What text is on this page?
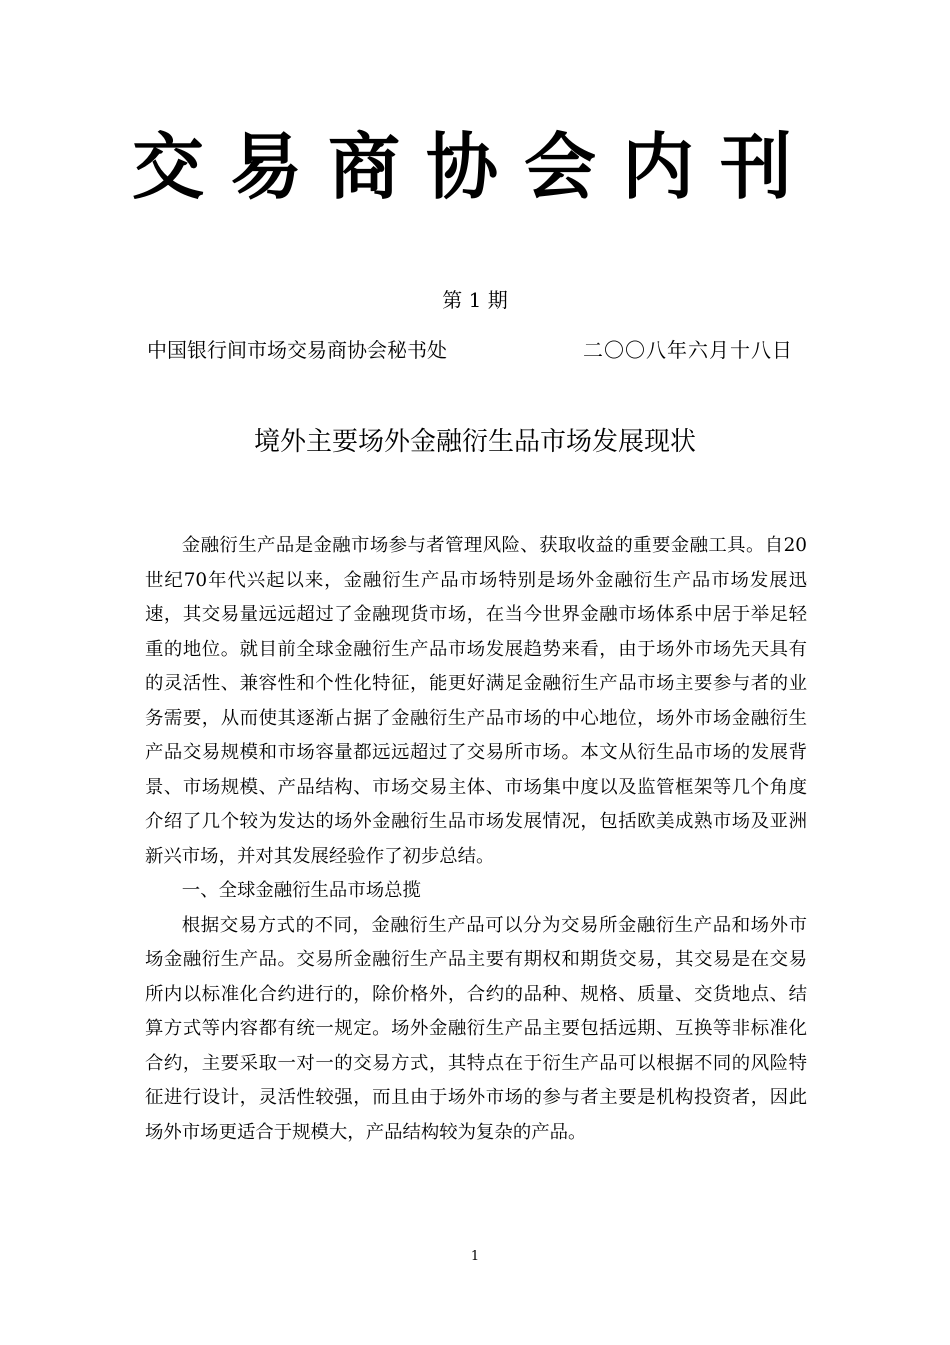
交易商协会内刊
第 1 期
中国银行间市场交易商协会秘书处	二〇〇八年六月十八日
境外主要场外金融衍生品市场发展现状

金融衍生产品是金融市场参与者管理风险、获取收益的重要金融工具。自20世纪70年代兴起以来，金融衍生产品市场特别是场外金融衍生产品市场发展迅速，其交易量远远超过了金融现货市场，在当今世界金融市场体系中居于举足轻重的地位。就目前全球金融衍生产品市场发展趋势来看，由于场外市场先天具有的灵活性、兼容性和个性化特征，能更好满足金融衍生产品市场主要参与者的业务需要，从而使其逐渐占据了金融衍生产品市场的中心地位，场外市场金融衍生产品交易规模和市场容量都远远超过了交易所市场。本文从衍生品市场的发展背景、市场规模、产品结构、市场交易主体、市场集中度以及监管框架等几个角度介绍了几个较为发达的场外金融衍生品市场发展情况，包括欧美成熟市场及亚洲新兴市场，并对其发展经验作了初步总结。

一、全球金融衍生品市场总揽

根据交易方式的不同，金融衍生产品可以分为交易所金融衍生产品和场外市场金融衍生产品。交易所金融衍生产品主要有期权和期货交易，其交易是在交易所内以标准化合约进行的，除价格外，合约的品种、规格、质量、交货地点、结算方式等内容都有统一规定。场外金融衍生产品主要包括远期、互换等非标准化合约，主要采取一对一的交易方式，其特点在于衍生产品可以根据不同的风险特征进行设计，灵活性较强，而且由于场外市场的参与者主要是机构投资者，因此场外市场更适合于规模大，产品结构较为复杂的产品。

1
